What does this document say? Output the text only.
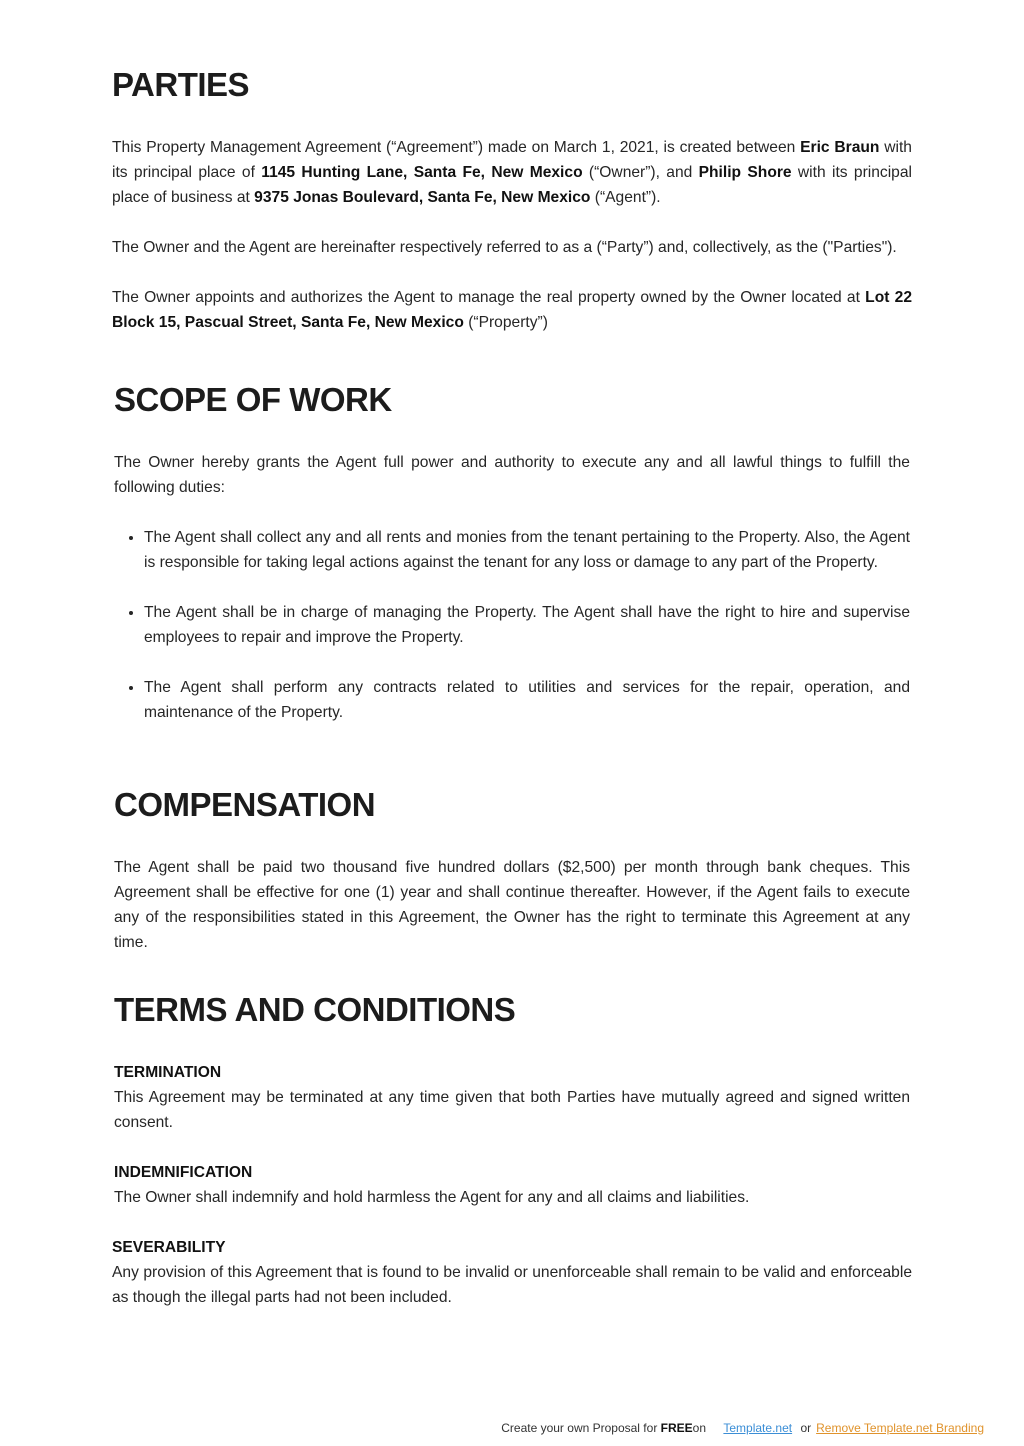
PARTIES

This Property Management Agreement (“Agreement”) made on March 1, 2021, is created between Eric Braun with its principal place of 1145 Hunting Lane, Santa Fe, New Mexico (“Owner”), and Philip Shore with its principal place of business at 9375 Jonas Boulevard, Santa Fe, New Mexico (“Agent”).

The Owner and the Agent are hereinafter respectively referred to as a (“Party”) and, collectively, as the ("Parties").

The Owner appoints and authorizes the Agent to manage the real property owned by the Owner located at Lot 22 Block 15, Pascual Street, Santa Fe, New Mexico (“Property”)

SCOPE OF WORK

The Owner hereby grants the Agent full power and authority to execute any and all lawful things to fulfill the following duties:

• The Agent shall collect any and all rents and monies from the tenant pertaining to the Property. Also, the Agent is responsible for taking legal actions against the tenant for any loss or damage to any part of the Property.
• The Agent shall be in charge of managing the Property. The Agent shall have the right to hire and supervise employees to repair and improve the Property.
• The Agent shall perform any contracts related to utilities and services for the repair, operation, and maintenance of the Property.
COMPENSATION

The Agent shall be paid two thousand five hundred dollars ($2,500) per month through bank cheques. This Agreement shall be effective for one (1) year and shall continue thereafter. However, if the Agent fails to execute any of the responsibilities stated in this Agreement, the Owner has the right to terminate this Agreement at any time.

TERMS AND CONDITIONS

TERMINATION

This Agreement may be terminated at any time given that both Parties have mutually agreed and signed written consent.

INDEMNIFICATION

The Owner shall indemnify and hold harmless the Agent for any and all claims and liabilities.

SEVERABILITY

Any provision of this Agreement that is found to be invalid or unenforceable shall remain to be valid and enforceable as though the illegal parts had not been included.

Create your own Proposal for FREEon Template.net or Remove Template.net Branding
